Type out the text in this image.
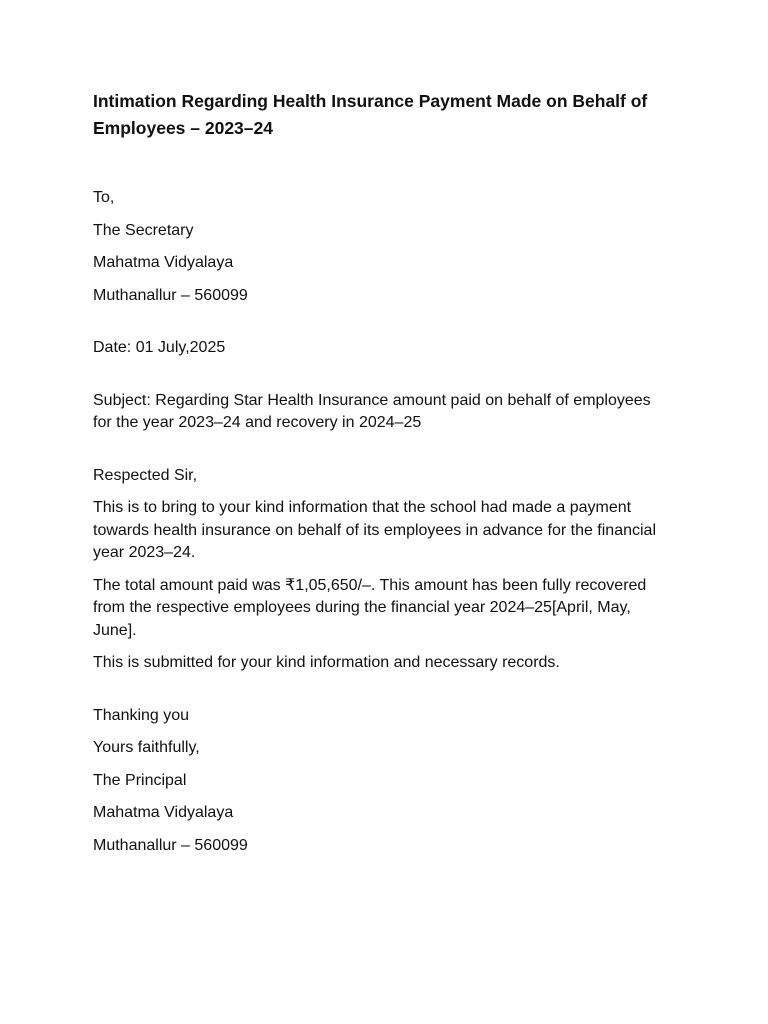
Intimation Regarding Health Insurance Payment Made on Behalf of Employees – 2023–24

To,

The Secretary

Mahatma Vidyalaya

Muthanallur – 560099

Date: 01 July,2025

Subject: Regarding Star Health Insurance amount paid on behalf of employees for the year 2023–24 and recovery in 2024–25

Respected Sir,

This is to bring to your kind information that the school had made a payment towards health insurance on behalf of its employees in advance for the financial year 2023–24.

The total amount paid was ₹1,05,650/–. This amount has been fully recovered from the respective employees during the financial year 2024–25[April, May, June].

This is submitted for your kind information and necessary records.

Thanking you

Yours faithfully,

The Principal

Mahatma Vidyalaya

Muthanallur – 560099
